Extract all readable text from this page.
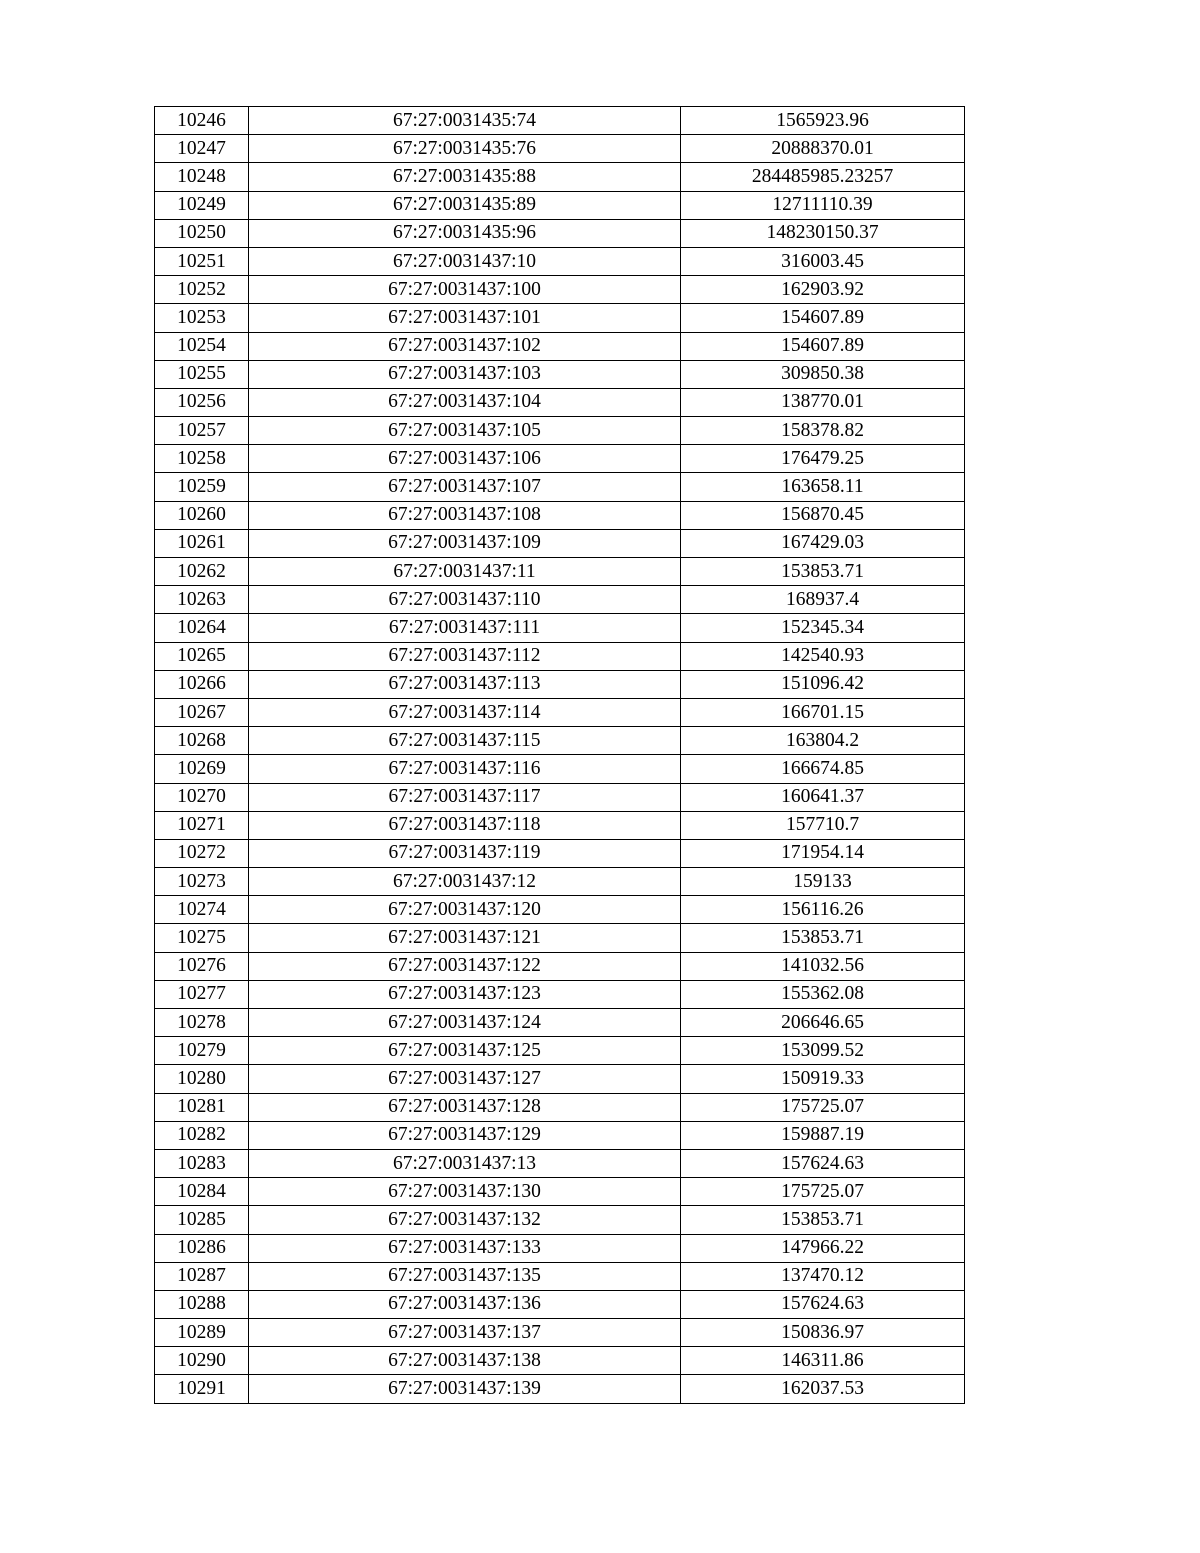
10246	67:27:0031435:74	1565923.96
10247	67:27:0031435:76	20888370.01
10248	67:27:0031435:88	284485985.23257
10249	67:27:0031435:89	12711110.39
10250	67:27:0031435:96	148230150.37
10251	67:27:0031437:10	316003.45
10252	67:27:0031437:100	162903.92
10253	67:27:0031437:101	154607.89
10254	67:27:0031437:102	154607.89
10255	67:27:0031437:103	309850.38
10256	67:27:0031437:104	138770.01
10257	67:27:0031437:105	158378.82
10258	67:27:0031437:106	176479.25
10259	67:27:0031437:107	163658.11
10260	67:27:0031437:108	156870.45
10261	67:27:0031437:109	167429.03
10262	67:27:0031437:11	153853.71
10263	67:27:0031437:110	168937.4
10264	67:27:0031437:111	152345.34
10265	67:27:0031437:112	142540.93
10266	67:27:0031437:113	151096.42
10267	67:27:0031437:114	166701.15
10268	67:27:0031437:115	163804.2
10269	67:27:0031437:116	166674.85
10270	67:27:0031437:117	160641.37
10271	67:27:0031437:118	157710.7
10272	67:27:0031437:119	171954.14
10273	67:27:0031437:12	159133
10274	67:27:0031437:120	156116.26
10275	67:27:0031437:121	153853.71
10276	67:27:0031437:122	141032.56
10277	67:27:0031437:123	155362.08
10278	67:27:0031437:124	206646.65
10279	67:27:0031437:125	153099.52
10280	67:27:0031437:127	150919.33
10281	67:27:0031437:128	175725.07
10282	67:27:0031437:129	159887.19
10283	67:27:0031437:13	157624.63
10284	67:27:0031437:130	175725.07
10285	67:27:0031437:132	153853.71
10286	67:27:0031437:133	147966.22
10287	67:27:0031437:135	137470.12
10288	67:27:0031437:136	157624.63
10289	67:27:0031437:137	150836.97
10290	67:27:0031437:138	146311.86
10291	67:27:0031437:139	162037.53
